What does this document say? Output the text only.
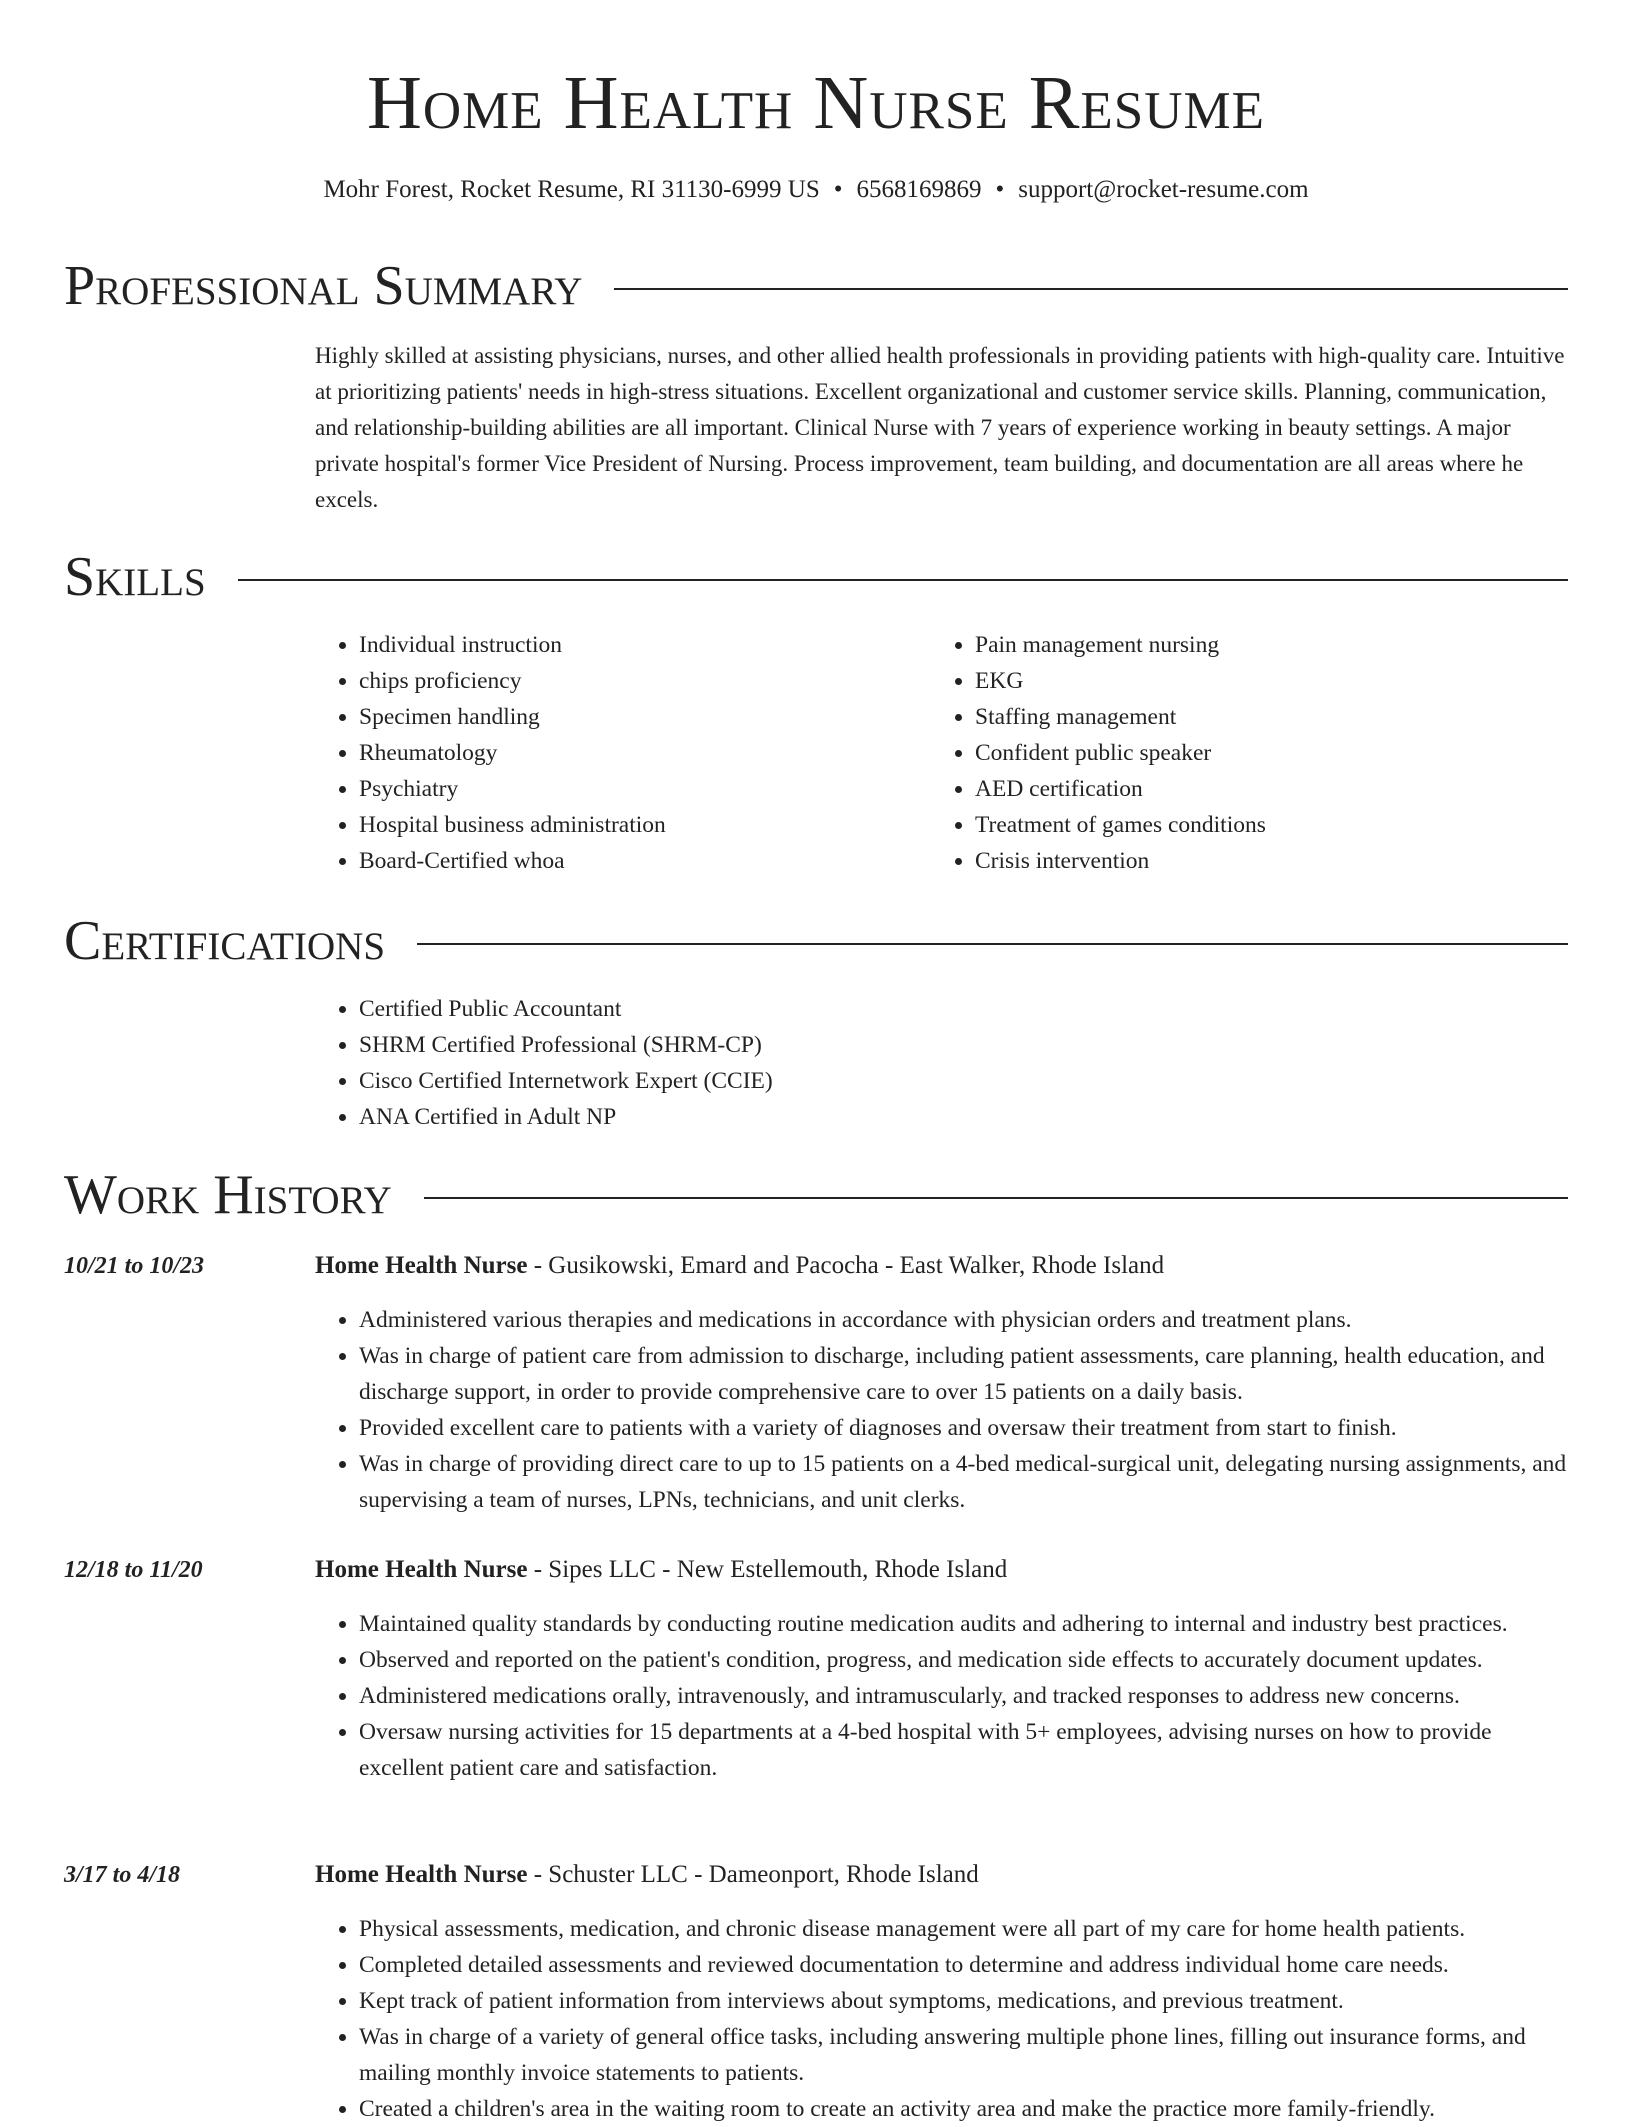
Home Health Nurse Resume

Mohr Forest, Rocket Resume, RI 31130-6999 US • 6568169869 • support@rocket-resume.com

Professional Summary

Highly skilled at assisting physicians, nurses, and other allied health professionals in providing patients with high-quality care. Intuitive at prioritizing patients' needs in high-stress situations. Excellent organizational and customer service skills. Planning, communication, and relationship-building abilities are all important. Clinical Nurse with 7 years of experience working in beauty settings. A major private hospital's former Vice President of Nursing. Process improvement, team building, and documentation are all areas where he excels.

Skills
• Individual instruction
• chips proficiency
• Specimen handling
• Rheumatology
• Psychiatry
• Hospital business administration
• Board-Certified whoa
• Pain management nursing
• EKG
• Staffing management
• Confident public speaker
• AED certification
• Treatment of games conditions
• Crisis intervention
Certifications
• Certified Public Accountant
• SHRM Certified Professional (SHRM-CP)
• Cisco Certified Internetwork Expert (CCIE)
• ANA Certified in Adult NP
Work History
10/21 to 10/23	Home Health Nurse - Gusikowski, Emard and Pacocha - East Walker, Rhode Island
• Administered various therapies and medications in accordance with physician orders and treatment plans.
• Was in charge of patient care from admission to discharge, including patient assessments, care planning, health education, and discharge support, in order to provide comprehensive care to over 15 patients on a daily basis.
• Provided excellent care to patients with a variety of diagnoses and oversaw their treatment from start to finish.
• Was in charge of providing direct care to up to 15 patients on a 4-bed medical-surgical unit, delegating nursing assignments, and supervising a team of nurses, LPNs, technicians, and unit clerks.
12/18 to 11/20	Home Health Nurse - Sipes LLC - New Estellemouth, Rhode Island
• Maintained quality standards by conducting routine medication audits and adhering to internal and industry best practices.
• Observed and reported on the patient's condition, progress, and medication side effects to accurately document updates.
• Administered medications orally, intravenously, and intramuscularly, and tracked responses to address new concerns.
• Oversaw nursing activities for 15 departments at a 4-bed hospital with 5+ employees, advising nurses on how to provide excellent patient care and satisfaction.
3/17 to 4/18	Home Health Nurse - Schuster LLC - Dameonport, Rhode Island
• Physical assessments, medication, and chronic disease management were all part of my care for home health patients.
• Completed detailed assessments and reviewed documentation to determine and address individual home care needs.
• Kept track of patient information from interviews about symptoms, medications, and previous treatment.
• Was in charge of a variety of general office tasks, including answering multiple phone lines, filling out insurance forms, and mailing monthly invoice statements to patients.
• Created a children's area in the waiting room to create an activity area and make the practice more family-friendly.
